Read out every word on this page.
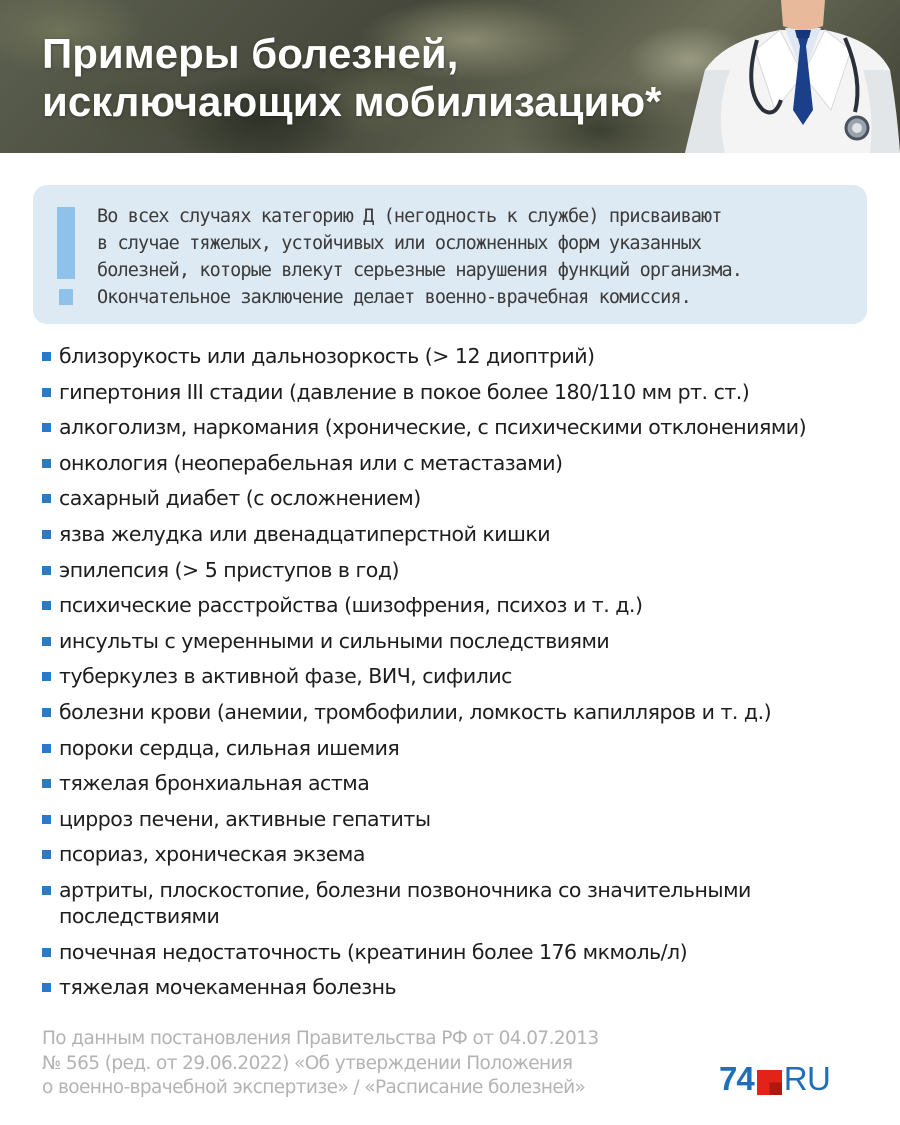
Примеры болезней,
исключающих мобилизацию*
Во всех случаях категорию Д (негодность к службе) присваивают
в случае тяжелых, устойчивых или осложненных форм указанных
болезней, которые влекут серьезные нарушения функций организма.
Окончательное заключение делает военно-врачебная комиссия.
близорукость или дальнозоркость (> 12 диоптрий)
гипертония III стадии (давление в покое более 180/110 мм рт. ст.)
алкоголизм, наркомания (хронические, с психическими отклонениями)
онкология (неоперабельная или с метастазами)
сахарный диабет (с осложнением)
язва желудка или двенадцатиперстной кишки
эпилепсия (> 5 приступов в год)
психические расстройства (шизофрения, психоз и т. д.)
инсульты с умеренными и сильными последствиями
туберкулез в активной фазе, ВИЧ, сифилис
болезни крови (анемии, тромбофилии, ломкость капилляров и т. д.)
пороки сердца, сильная ишемия
тяжелая бронхиальная астма
цирроз печени, активные гепатиты
псориаз, хроническая экзема
артриты, плоскостопие, болезни позвоночника со значительными последствиями
почечная недостаточность (креатинин более 176 мкмоль/л)
тяжелая мочекаменная болезнь
По данным постановления Правительства РФ от 04.07.2013
№ 565 (ред. от 29.06.2022) «Об утверждении Положения
о военно-врачебной экспертизе» / «Расписание болезней»	74 RU
